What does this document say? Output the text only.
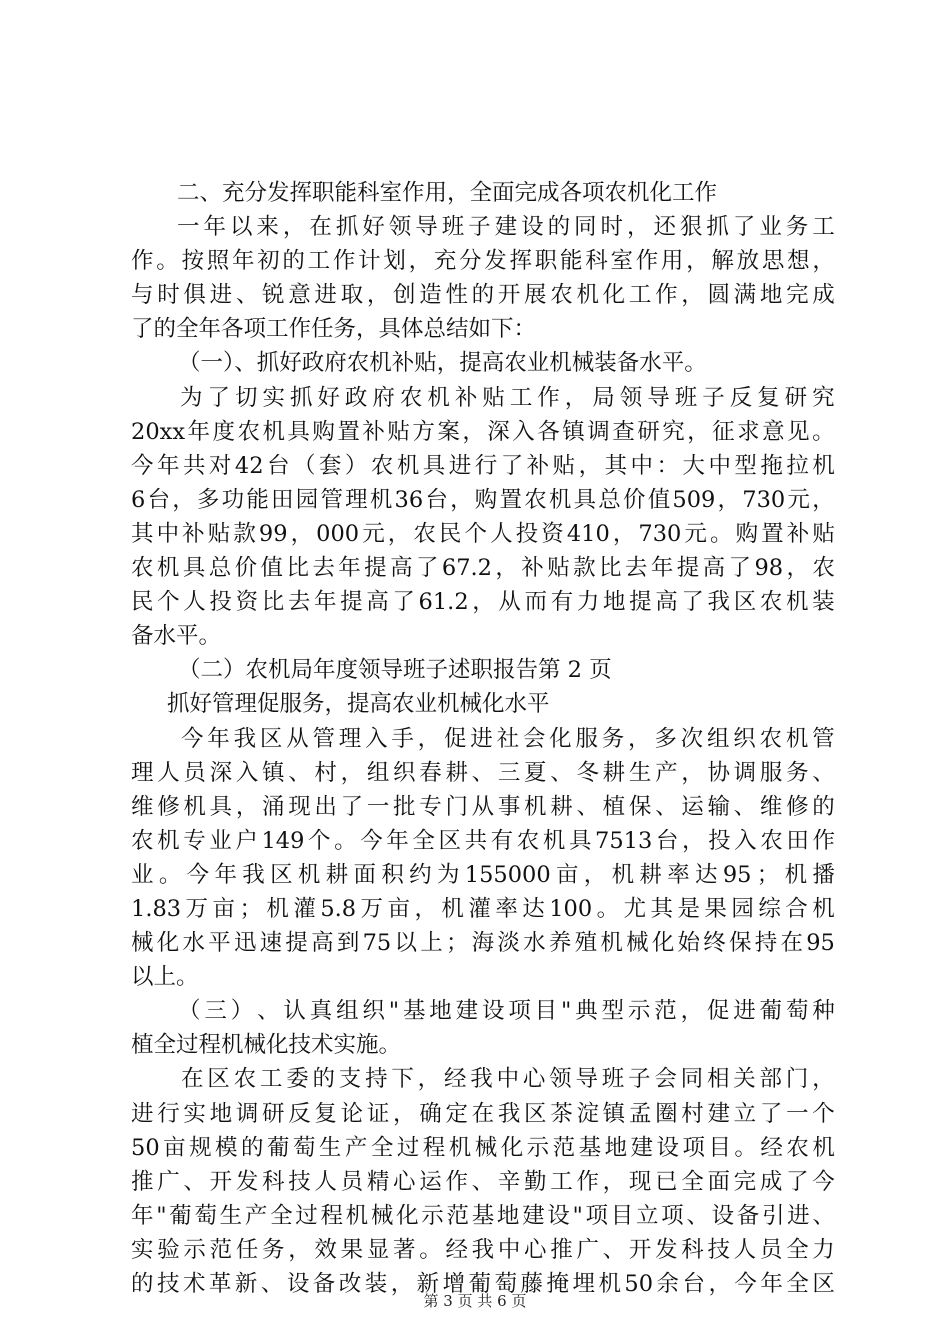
二、充分发挥职能科室作用，全面完成各项农机化工作
一 年 以 来 ， 在 抓 好 领 导 班 子 建 设 的 同 时 ， 还 狠 抓 了 业 务 工
作 。 按 照 年 初 的 工 作 计 划 ， 充 分 发 挥 职 能 科 室 作 用 ， 解 放 思 想 ，
与 时 俱 进 、 锐 意 进 取 ， 创 造 性 的 开 展 农 机 化 工 作 ， 圆 满 地 完 成
了的全年各项工作任务，具体总结如下：
（一）、抓好政府农机补贴，提高农业机械装备水平。
为 了 切 实 抓 好 政 府 农 机 补 贴 工 作 ， 局 领 导 班 子 反 复 研 究
20xx 年 度 农 机 具 购 置 补 贴 方 案 ， 深 入 各 镇 调 查 研 究 ， 征 求 意 见 。
今 年 共 对 42 台 （ 套 ） 农 机 具 进 行 了 补 贴 ， 其 中 ： 大 中 型 拖 拉 机
6 台 ， 多 功 能 田 园 管 理 机 36 台 ， 购 置 农 机 具 总 价 值 509 ， 730 元 ，
其 中 补 贴 款 99 ， 000 元 ， 农 民 个 人 投 资 410 ， 730 元 。 购 置 补 贴
农 机 具 总 价 值 比 去 年 提 高 了 67.2 ， 补 贴 款 比 去 年 提 高 了 98 ， 农
民 个 人 投 资 比 去 年 提 高 了 61.2 ， 从 而 有 力 地 提 高 了 我 区 农 机 装
备水平。
（二）农机局年度领导班子述职报告第 2 页
抓好管理促服务，提高农业机械化水平
今 年 我 区 从 管 理 入 手 ， 促 进 社 会 化 服 务 ， 多 次 组 织 农 机 管
理 人 员 深 入 镇 、 村 ， 组 织 春 耕 、 三 夏 、 冬 耕 生 产 ， 协 调 服 务 、
维 修 机 具 ， 涌 现 出 了 一 批 专 门 从 事 机 耕 、 植 保 、 运 输 、 维 修 的
农 机 专 业 户 149 个 。 今 年 全 区 共 有 农 机 具 7513 台 ， 投 入 农 田 作
业 。 今 年 我 区 机 耕 面 积 约 为 155000 亩 ， 机 耕 率 达 95 ； 机 播
1.83 万 亩 ； 机 灌 5.8 万 亩 ， 机 灌 率 达 100 。 尤 其 是 果 园 综 合 机
械 化 水 平 迅 速 提 高 到 75 以 上 ； 海 淡 水 养 殖 机 械 化 始 终 保 持 在 95
以上。
（ 三 ） 、 认 真 组 织 " 基 地 建 设 项 目 " 典 型 示 范 ， 促 进 葡 萄 种
植全过程机械化技术实施。
在 区 农 工 委 的 支 持 下 ， 经 我 中 心 领 导 班 子 会 同 相 关 部 门 ，
进 行 实 地 调 研 反 复 论 证 ， 确 定 在 我 区 茶 淀 镇 孟 圈 村 建 立 了 一 个
50 亩 规 模 的 葡 萄 生 产 全 过 程 机 械 化 示 范 基 地 建 设 项 目 。 经 农 机
推 广 、 开 发 科 技 人 员 精 心 运 作 、 辛 勤 工 作 ， 现 已 全 面 完 成 了 今
年 " 葡 萄 生 产 全 过 程 机 械 化 示 范 基 地 建 设 " 项 目 立 项 、 设 备 引 进 、
实 验 示 范 任 务 ， 效 果 显 著 。 经 我 中 心 推 广 、 开 发 科 技 人 员 全 力
的 技 术 革 新 、 设 备 改 装 ， 新 增 葡 萄 藤 掩 埋 机 50 余 台 ， 今 年 全 区
第 3 页 共 6 页
